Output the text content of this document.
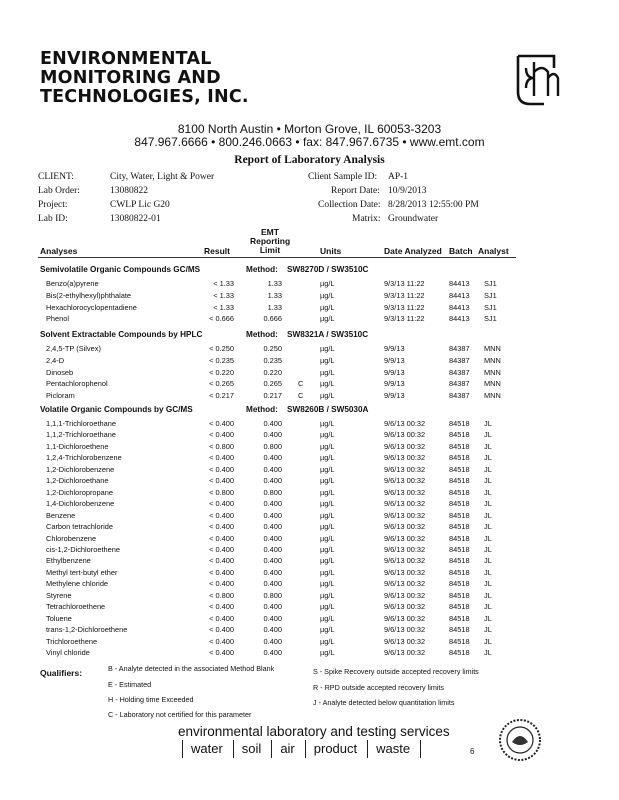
ENVIRONMENTAL
MONITORING AND
TECHNOLOGIES, INC.
8100 North Austin • Morton Grove, IL 60053-3203
847.967.6666 • 800.246.0663 • fax: 847.967.6735 • www.emt.com
Report of Laboratory Analysis
CLIENT:	City, Water, Light & Power	Client Sample ID: AP-1
Lab Order:	13080822	Report Date: 10/9/2013
Project:	CWLP Lic G20	Collection Date: 8/28/2013 12:55:00 PM
Lab ID:	13080822-01	Matrix: Groundwater
Analyses	Result
EMT
Reporting
Limit	Units	Date Analyzed Batch Analyst
Semivolatile Organic Compounds GC/MS	Method: SW8270D / SW3510C
Benzo(a)pyrene	< 1.33	1.33	µg/L	9/3/13 11:22	84413 SJ1
Bis(2-ethylhexyl)phthalate	< 1.33	1.33	µg/L	9/3/13 11:22	84413 SJ1
Hexachlorocyclopentadiene	< 1.33	1.33	µg/L	9/3/13 11:22	84413 SJ1
Phenol	< 0.666	0.666	µg/L	9/3/13 11:22	84413 SJ1
Solvent Extractable Compounds by HPLC	Method: SW8321A / SW3510C
2,4,5-TP (Silvex)	< 0.250	0.250	µg/L	9/9/13	84387 MNN
2,4-D	< 0.235	0.235	µg/L	9/9/13	84387 MNN
Dinoseb	< 0.220	0.220	µg/L	9/9/13	84387 MNN
Pentachlorophenol	< 0.265	0.265 C µg/L	9/9/13	84387 MNN
Picloram	< 0.217	0.217 C µg/L	9/9/13	84387 MNN
Volatile Organic Compounds by GC/MS	Method: SW8260B / SW5030A
1,1,1-Trichloroethane	< 0.400	0.400	µg/L	9/6/13 00:32	84518 JL
1,1,2-Trichloroethane	< 0.400	0.400	µg/L	9/6/13 00:32	84518 JL
1,1-Dichloroethene	< 0.800	0.800	µg/L	9/6/13 00:32	84518 JL
1,2,4-Trichlorobenzene	< 0.400	0.400	µg/L	9/6/13 00:32	84518 JL
1,2-Dichlorobenzene	< 0.400	0.400	µg/L	9/6/13 00:32	84518 JL
1,2-Dichloroethane	< 0.400	0.400	µg/L	9/6/13 00:32	84518 JL
1,2-Dichloropropane	< 0.800	0.800	µg/L	9/6/13 00:32	84518 JL
1,4-Dichlorobenzene	< 0.400	0.400	µg/L	9/6/13 00:32	84518 JL
Benzene	< 0.400	0.400	µg/L	9/6/13 00:32	84518 JL
Carbon tetrachloride	< 0.400	0.400	µg/L	9/6/13 00:32	84518 JL
Chlorobenzene	< 0.400	0.400	µg/L	9/6/13 00:32	84518 JL
cis-1,2-Dichloroethene	< 0.400	0.400	µg/L	9/6/13 00:32	84518 JL
Ethylbenzene	< 0.400	0.400	µg/L	9/6/13 00:32	84518 JL
Methyl tert-butyl ether	< 0.400	0.400	µg/L	9/6/13 00:32	84518 JL
Methylene chloride	< 0.400	0.400	µg/L	9/6/13 00:32	84518 JL
Styrene	< 0.800	0.800	µg/L	9/6/13 00:32	84518 JL
Tetrachloroethene	< 0.400	0.400	µg/L	9/6/13 00:32	84518 JL
Toluene	< 0.400	0.400	µg/L	9/6/13 00:32	84518 JL
trans-1,2-Dichloroethene	< 0.400	0.400	µg/L	9/6/13 00:32	84518 JL
Trichloroethene	< 0.400	0.400	µg/L	9/6/13 00:32	84518 JL
Vinyl chloride	< 0.400	0.400	µg/L	9/6/13 00:32	84518 JL
Qualifiers:	B - Analyte detected in the associated Method Blank
E - Estimated
H - Holding time Exceeded
C - Laboratory not certified for this parameter
S - Spike Recovery outside accepted recovery limits
R - RPD outside accepted recovery limits
J - Analyte detected below quantitation limits
environmental laboratory and testing services
water	soil	air	product	waste	6
